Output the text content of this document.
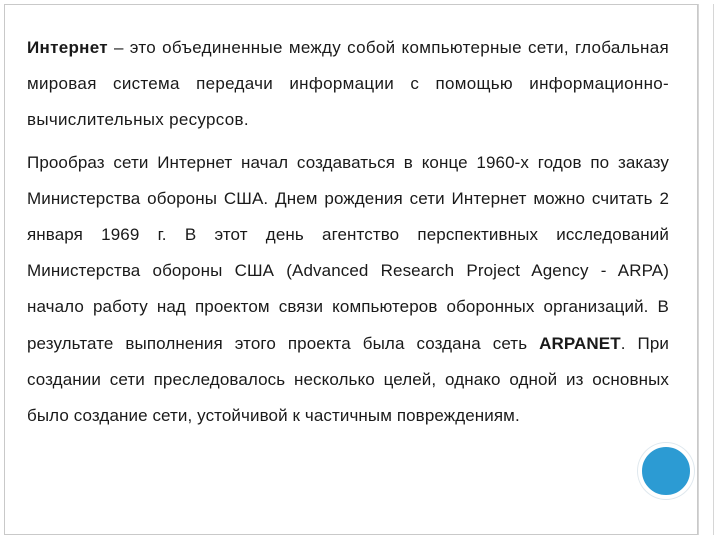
Интернет – это объединенные между собой компьютерные сети, глобальная мировая система передачи информации с помощью информационно-вычислительных ресурсов.

Прообраз сети Интернет начал создаваться в конце 1960-х годов по заказу Министерства обороны США. Днем рождения сети Интернет можно считать 2 января 1969 г. В этот день агентство перспективных исследований Министерства обороны США (Advanced Research Project Agency - ARPA) начало работу над проектом связи компьютеров оборонных организаций. В результате выполнения этого проекта была создана сеть ARPANET. При создании сети преследовалось несколько целей, однако одной из основных было создание сети, устойчивой к частичным повреждениям.
